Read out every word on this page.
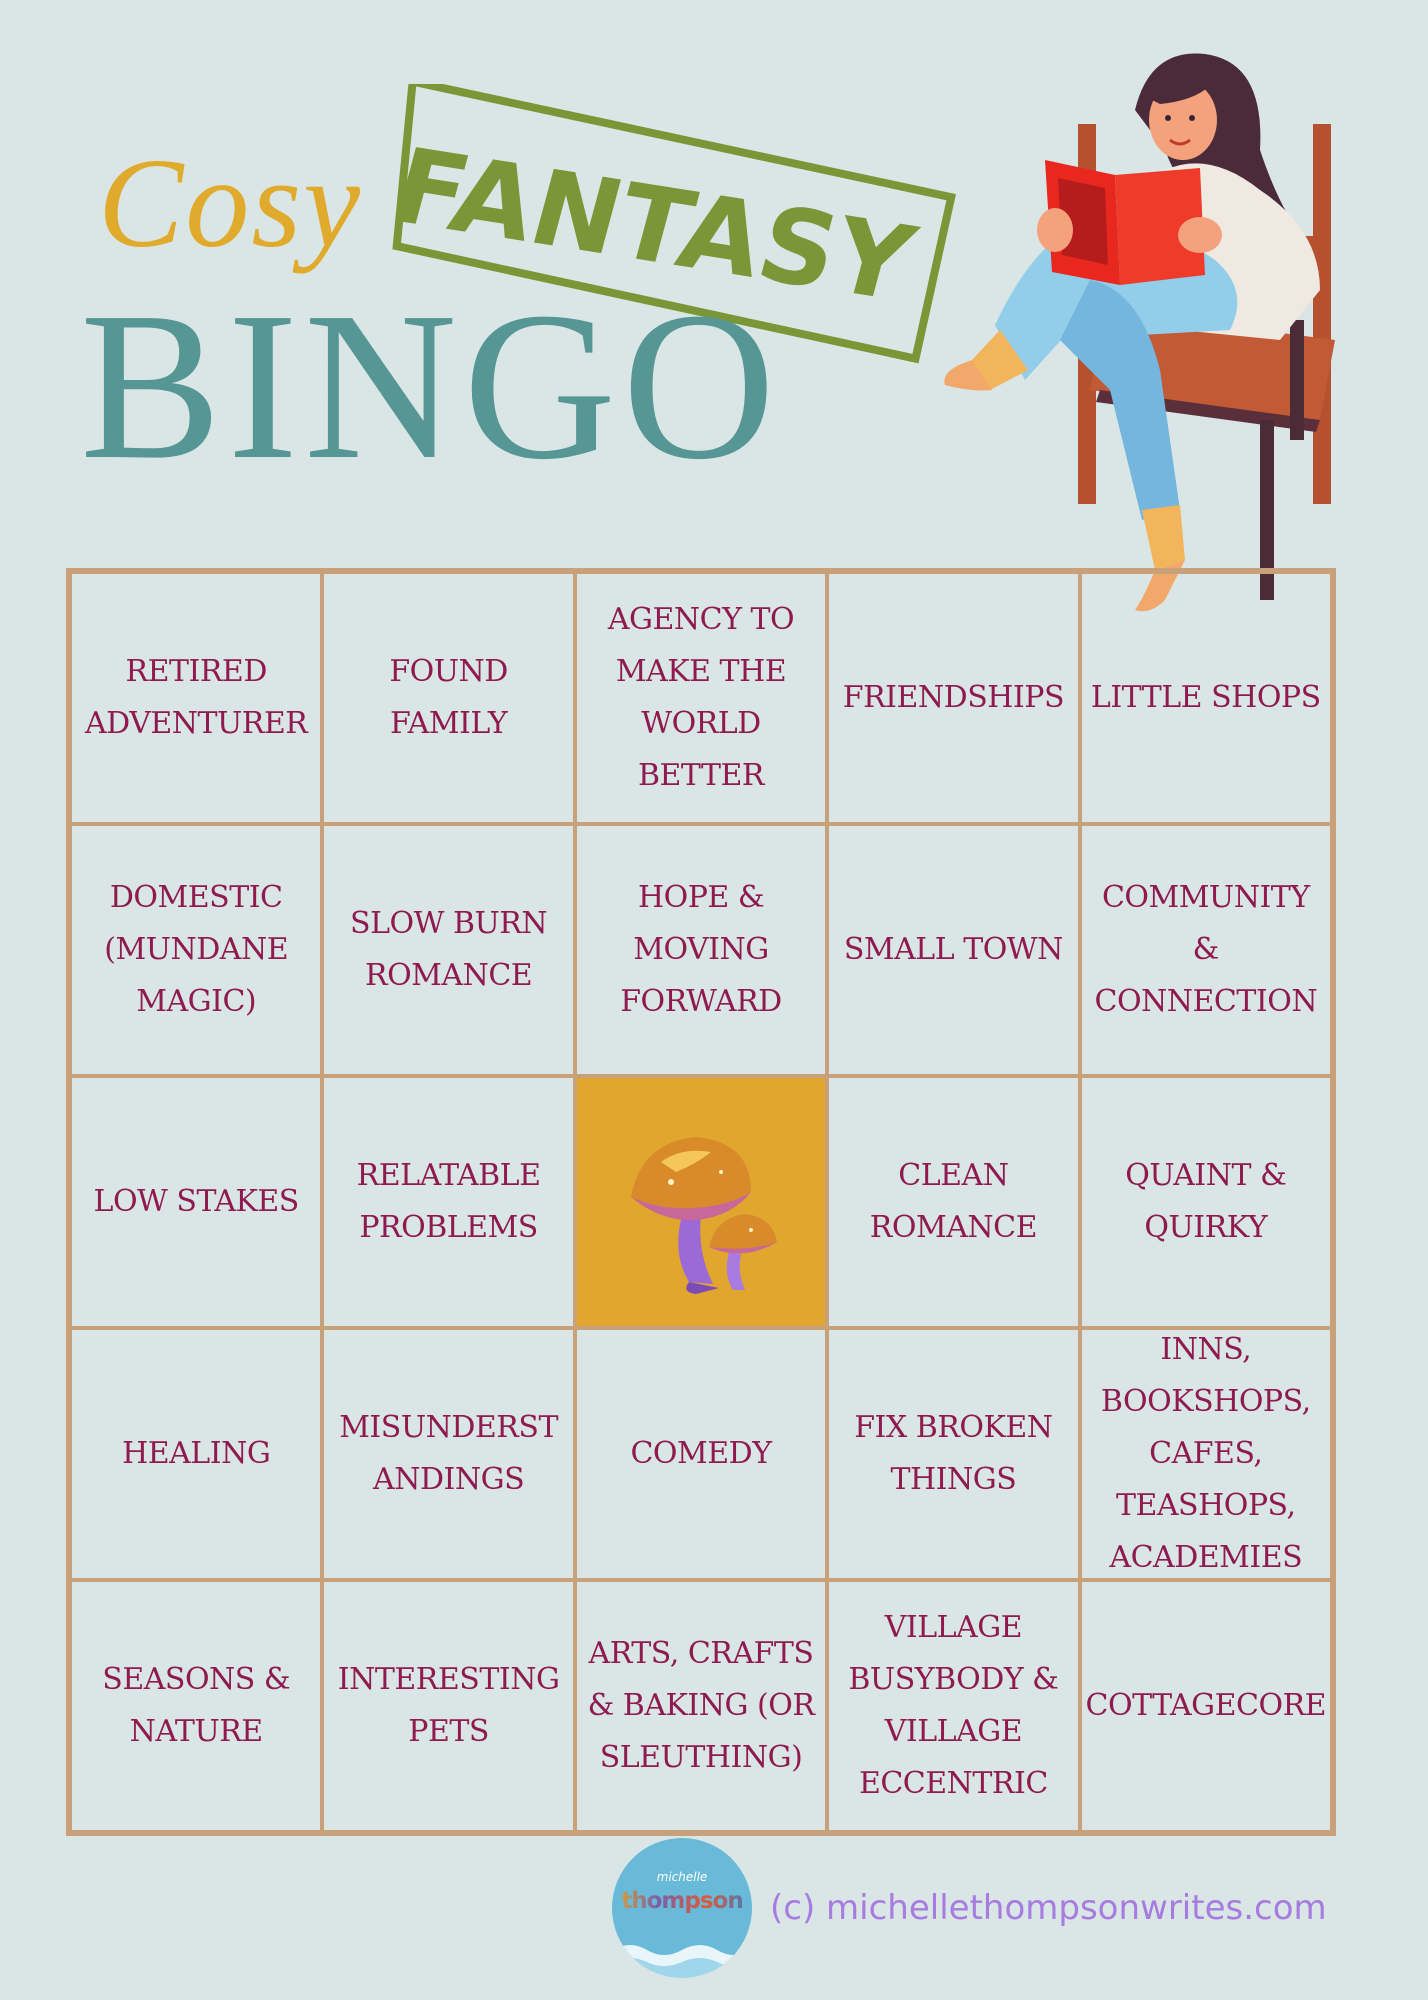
Cosy FANTASY
BINGO
RETIRED ADVENTURER
FOUND FAMILY
AGENCY TO MAKE THE WORLD BETTER
FRIENDSHIPS LITTLE SHOPS
DOMESTIC (MUNDANE MAGIC)
SLOW BURN ROMANCE
HOPE & MOVING FORWARD
SMALL TOWN
COMMUNITY & CONNECTION
LOW STAKES
RELATABLE PROBLEMS
CLEAN ROMANCE
QUAINT & QUIRKY
HEALING
MISUNDERSTANDINGS
COMEDY
FIX BROKEN THINGS
INNS, BOOKSHOPS, CAFES, TEASHOPS, ACADEMIES
SEASONS & NATURE
INTERESTING PETS
ARTS, CRAFTS & BAKING (OR SLEUTHING)
VILLAGE BUSYBODY & VILLAGE ECCENTRIC
COTTAGECORE
michelle
thompson (c) michellethompsonwrites.com
